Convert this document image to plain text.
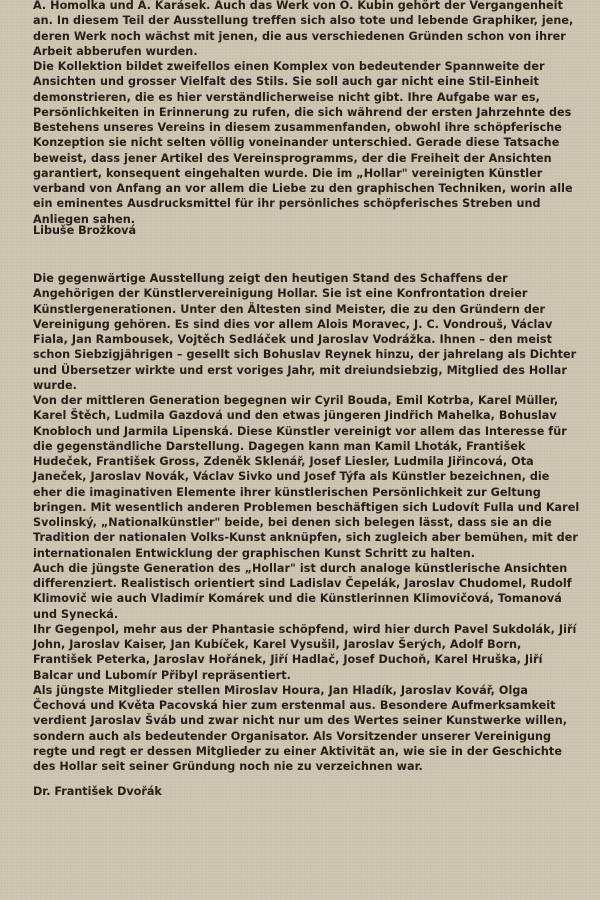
A. Homolka und A. Karásek. Auch das Werk von O. Kubin gehört der Vergangenheit an. In diesem Teil der Ausstellung treffen sich also tote und lebende Graphiker, jene, deren Werk noch wächst mit jenen, die aus verschiedenen Gründen schon von ihrer Arbeit abberufen wurden.

Die Kollektion bildet zweifellos einen Komplex von bedeutender Spannweite der Ansichten und grosser Vielfalt des Stils. Sie soll auch gar nicht eine Stil-Einheit demonstrieren, die es hier verständlicherweise nicht gibt. Ihre Aufgabe war es, Persönlichkeiten in Erinnerung zu rufen, die sich während der ersten Jahrzehnte des Bestehens unseres Vereins in diesem zusammenfanden, obwohl ihre schöpferische Konzeption sie nicht selten völlig voneinander unterschied. Gerade diese Tatsache beweist, dass jener Artikel des Vereinsprogramms, der die Freiheit der Ansichten garantiert, konsequent eingehalten wurde. Die im „Hollar" vereinigten Künstler verband von Anfang an vor allem die Liebe zu den graphischen Techniken, worin alle ein eminentes Ausdrucksmittel für ihr persönliches schöpferisches Streben und Anliegen sahen.

Libuše Brožková

Die gegenwärtige Ausstellung zeigt den heutigen Stand des Schaffens der Angehörigen der Künstlervereinigung Hollar. Sie ist eine Konfrontation dreier Künstlergenerationen. Unter den Ältesten sind Meister, die zu den Gründern der Vereinigung gehören. Es sind dies vor allem Alois Moravec, J. C. Vondrouš, Václav Fiala, Jan Rambousek, Vojtěch Sedláček und Jaroslav Vodrážka. Ihnen – den meist schon Siebzigjährigen – gesellt sich Bohuslav Reynek hinzu, der jahrelang als Dichter und Übersetzer wirkte und erst voriges Jahr, mit dreiundsiebzig, Mitglied des Hollar wurde.

Von der mittleren Generation begegnen wir Cyril Bouda, Emil Kotrba, Karel Müller, Karel Štěch, Ludmila Gazdová und den etwas jüngeren Jindřich Mahelka, Bohuslav Knobloch und Jarmila Lipenská. Diese Künstler vereinigt vor allem das Interesse für die gegenständliche Darstellung. Dagegen kann man Kamil Lhoták, František Hudeček, František Gross, Zdeněk Sklenář, Josef Liesler, Ludmila Jiřincová, Ota Janeček, Jaroslav Novák, Václav Sivko und Josef Týfa als Künstler bezeichnen, die eher die imaginativen Elemente ihrer künstlerischen Persönlichkeit zur Geltung bringen. Mit wesentlich anderen Problemen beschäftigen sich Ludovít Fulla und Karel Svolinský, „Nationalkünstler" beide, bei denen sich belegen lässt, dass sie an die Tradition der nationalen Volks-Kunst anknüpfen, sich zugleich aber bemühen, mit der internationalen Entwicklung der graphischen Kunst Schritt zu halten.

Auch die jüngste Generation des „Hollar" ist durch analoge künstlerische Ansichten differenziert. Realistisch orientiert sind Ladislav Čepelák, Jaroslav Chudomel, Rudolf Klimovič wie auch Vladimír Komárek und die Künstlerinnen Klimovičová, Tomanová und Synecká.

Ihr Gegenpol, mehr aus der Phantasie schöpfend, wird hier durch Pavel Sukdolák, Jiří John, Jaroslav Kaiser, Jan Kubíček, Karel Vysušil, Jaroslav Šerých, Adolf Born, František Peterka, Jaroslav Hořánek, Jiří Hadlač, Josef Duchoň, Karel Hruška, Jiří Balcar und Lubomír Přibyl repräsentiert.

Als jüngste Mitglieder stellen Miroslav Houra, Jan Hladík, Jaroslav Kovář, Olga Čechová und Květa Pacovská hier zum erstenmal aus. Besondere Aufmerksamkeit verdient Jaroslav Šváb und zwar nicht nur um des Wertes seiner Kunstwerke willen, sondern auch als bedeutender Organisator. Als Vorsitzender unserer Vereinigung regte und regt er dessen Mitglieder zu einer Aktivität an, wie sie in der Geschichte des Hollar seit seiner Gründung noch nie zu verzeichnen war.

Dr. František Dvořák
